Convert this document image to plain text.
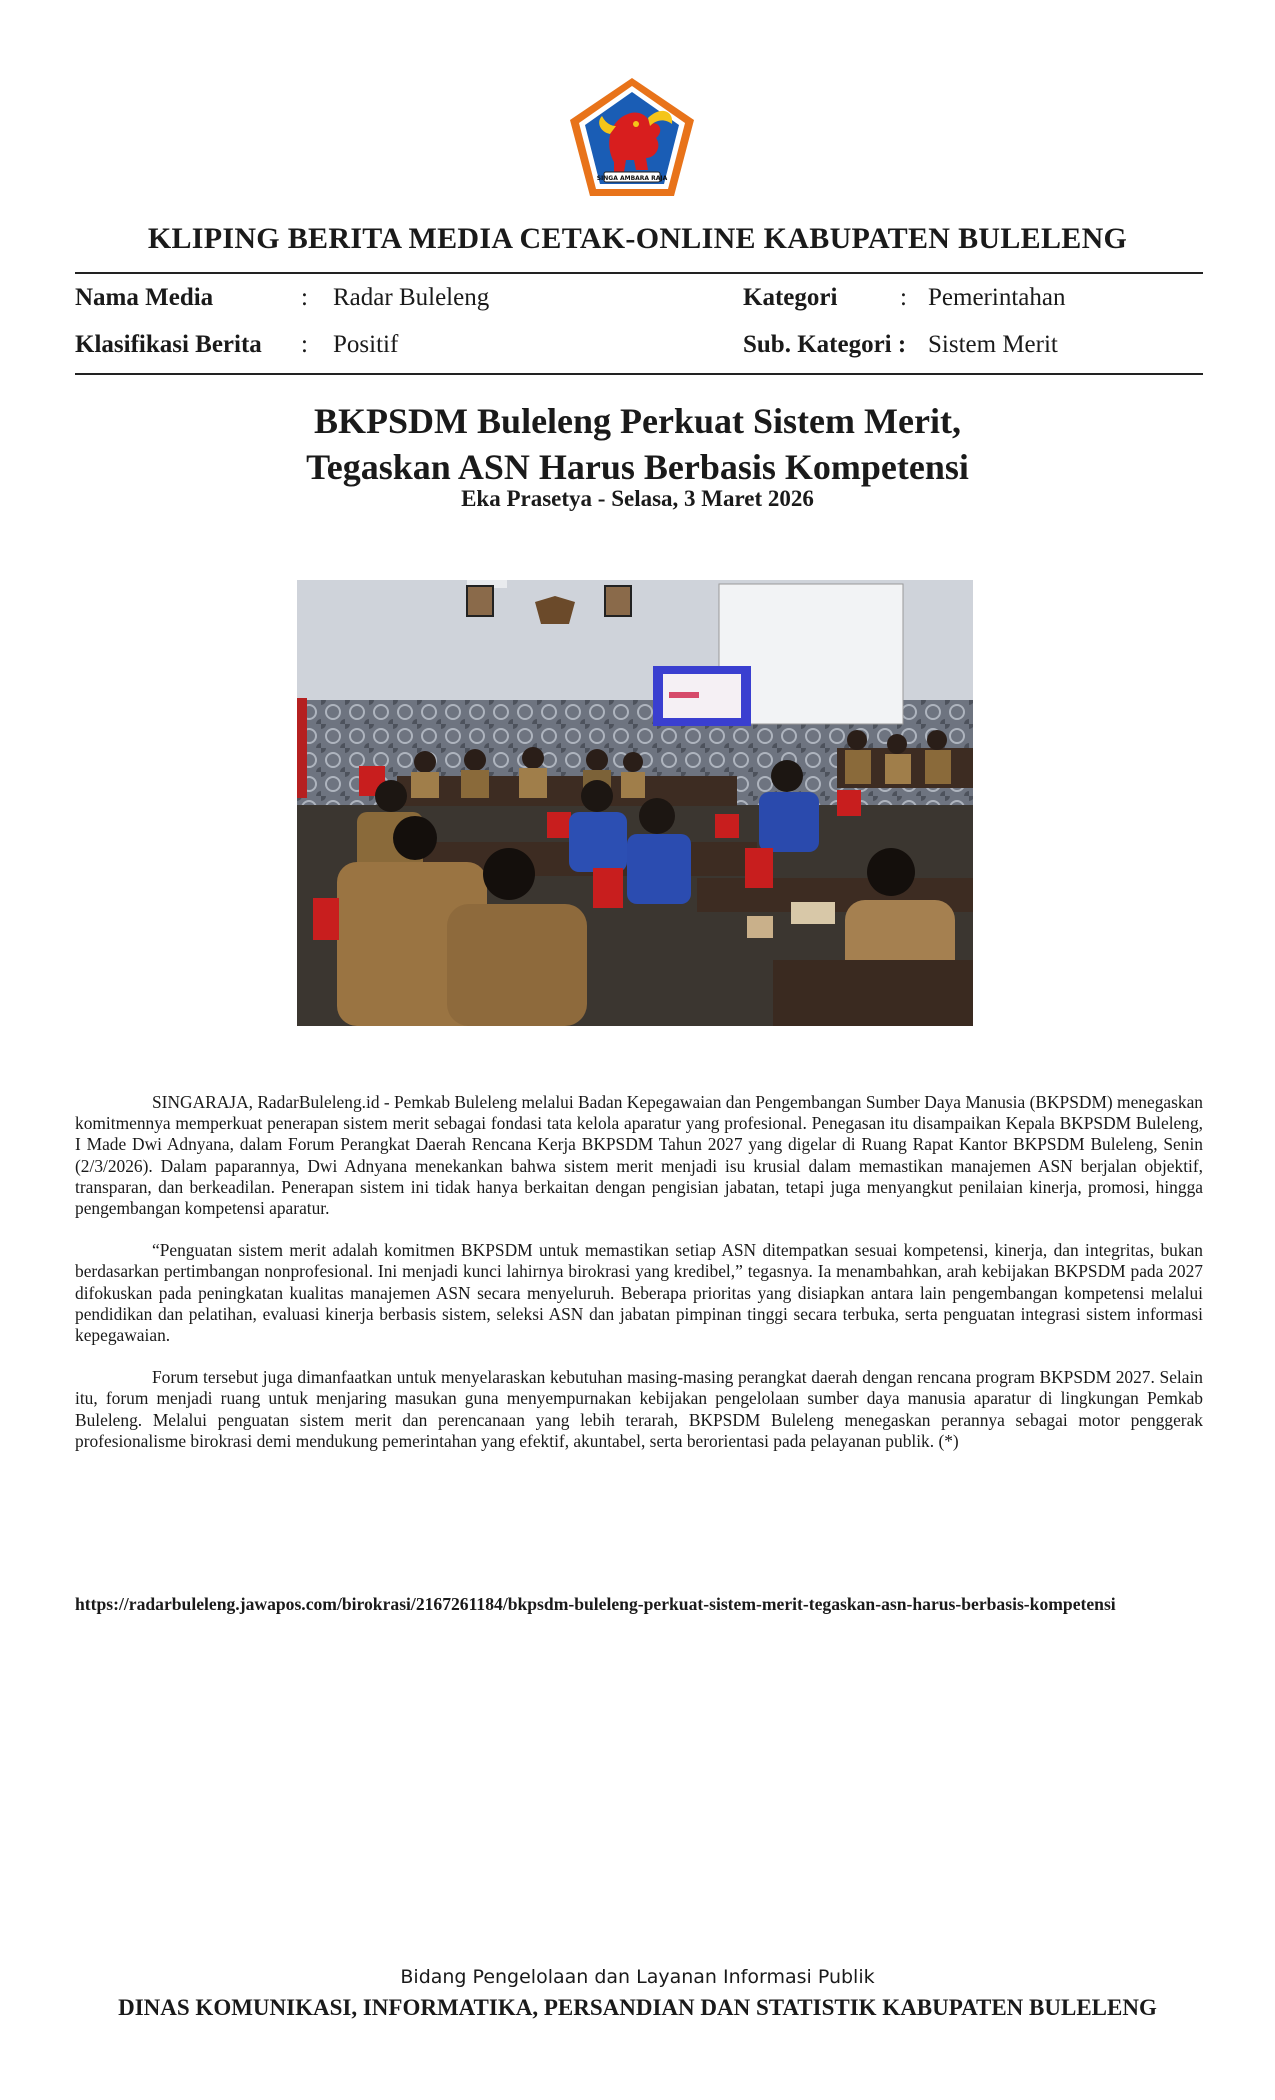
SINGA AMBARA RAJA
KLIPING BERITA MEDIA CETAK-ONLINE KABUPATEN BULELENG
Nama Media	: Radar Buleleng	Kategori	: Pemerintahan
Klasifikasi Berita : Positif	Sub. Kategori : Sistem Merit
BKPSDM Buleleng Perkuat Sistem Merit,
Tegaskan ASN Harus Berbasis Kompetensi
Eka Prasetya - Selasa, 3 Maret 2026

SINGARAJA, RadarBuleleng.id - Pemkab Buleleng melalui Badan Kepegawaian dan Pengembangan Sumber Daya Manusia (BKPSDM) menegaskan komitmennya memperkuat penerapan sistem merit sebagai fondasi tata kelola aparatur yang profesional. Penegasan itu disampaikan Kepala BKPSDM Buleleng, I Made Dwi Adnyana, dalam Forum Perangkat Daerah Rencana Kerja BKPSDM Tahun 2027 yang digelar di Ruang Rapat Kantor BKPSDM Buleleng, Senin (2/3/2026). Dalam paparannya, Dwi Adnyana menekankan bahwa sistem merit menjadi isu krusial dalam memastikan manajemen ASN berjalan objektif, transparan, dan berkeadilan. Penerapan sistem ini tidak hanya berkaitan dengan pengisian jabatan, tetapi juga menyangkut penilaian kinerja, promosi, hingga pengembangan kompetensi aparatur.

“Penguatan sistem merit adalah komitmen BKPSDM untuk memastikan setiap ASN ditempatkan sesuai kompetensi, kinerja, dan integritas, bukan berdasarkan pertimbangan nonprofesional. Ini menjadi kunci lahirnya birokrasi yang kredibel,” tegasnya. Ia menambahkan, arah kebijakan BKPSDM pada 2027 difokuskan pada peningkatan kualitas manajemen ASN secara menyeluruh. Beberapa prioritas yang disiapkan antara lain pengembangan kompetensi melalui pendidikan dan pelatihan, evaluasi kinerja berbasis sistem, seleksi ASN dan jabatan pimpinan tinggi secara terbuka, serta penguatan integrasi sistem informasi kepegawaian.

Forum tersebut juga dimanfaatkan untuk menyelaraskan kebutuhan masing-masing perangkat daerah dengan rencana program BKPSDM 2027. Selain itu, forum menjadi ruang untuk menjaring masukan guna menyempurnakan kebijakan pengelolaan sumber daya manusia aparatur di lingkungan Pemkab Buleleng. Melalui penguatan sistem merit dan perencanaan yang lebih terarah, BKPSDM Buleleng menegaskan perannya sebagai motor penggerak profesionalisme birokrasi demi mendukung pemerintahan yang efektif, akuntabel, serta berorientasi pada pelayanan publik. (*)

https://radarbuleleng.jawapos.com/birokrasi/2167261184/bkpsdm-buleleng-perkuat-sistem-merit-tegaskan-asn-harus-berbasis-kompetensi
Bidang Pengelolaan dan Layanan Informasi Publik
DINAS KOMUNIKASI, INFORMATIKA, PERSANDIAN DAN STATISTIK KABUPATEN BULELENG
